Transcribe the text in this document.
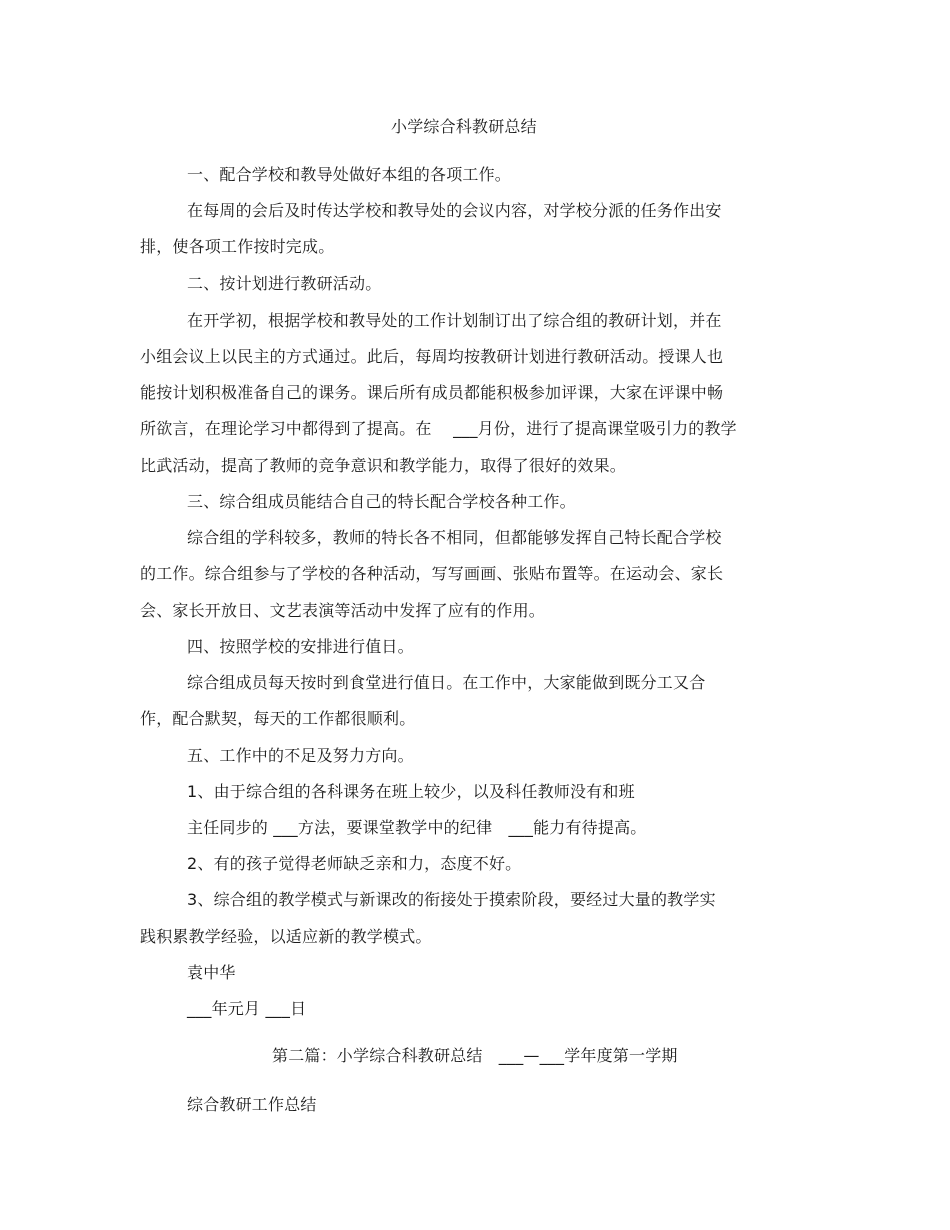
小学综合科教研总结
一、配合学校和教导处做好本组的各项工作。
在每周的会后及时传达学校和教导处的会议内容，对学校分派的任务作出安
排，使各项工作按时完成。
二、按计划进行教研活动。
在开学初，根据学校和教导处的工作计划制订出了综合组的教研计划，并在
小组会议上以民主的方式通过。此后，每周均按教研计划进行教研活动。授课人也
能按计划积极准备自己的课务。课后所有成员都能积极参加评课，大家在评课中畅
所欲言，在理论学习中都得到了提高。在　 ___月份，进行了提高课堂吸引力的教学
比武活动，提高了教师的竞争意识和教学能力，取得了很好的效果。
三、综合组成员能结合自己的特长配合学校各种工作。
综合组的学科较多，教师的特长各不相同，但都能够发挥自己特长配合学校
的工作。综合组参与了学校的各种活动，写写画画、张贴布置等。在运动会、家长
会、家长开放日、文艺表演等活动中发挥了应有的作用。
四、按照学校的安排进行值日。
综合组成员每天按时到食堂进行值日。在工作中，大家能做到既分工又合
作，配合默契，每天的工作都很顺利。
五、工作中的不足及努力方向。
1、由于综合组的各科课务在班上较少，以及科任教师没有和班
主任同步的 ___方法，要课堂教学中的纪律　___能力有待提高。
2、有的孩子觉得老师缺乏亲和力，态度不好。
3、综合组的教学模式与新课改的衔接处于摸索阶段，要经过大量的教学实
践积累教学经验，以适应新的教学模式。
袁中华
___年元月 ___日
第二篇：小学综合科教研总结　___—___学年度第一学期
综合教研工作总结
